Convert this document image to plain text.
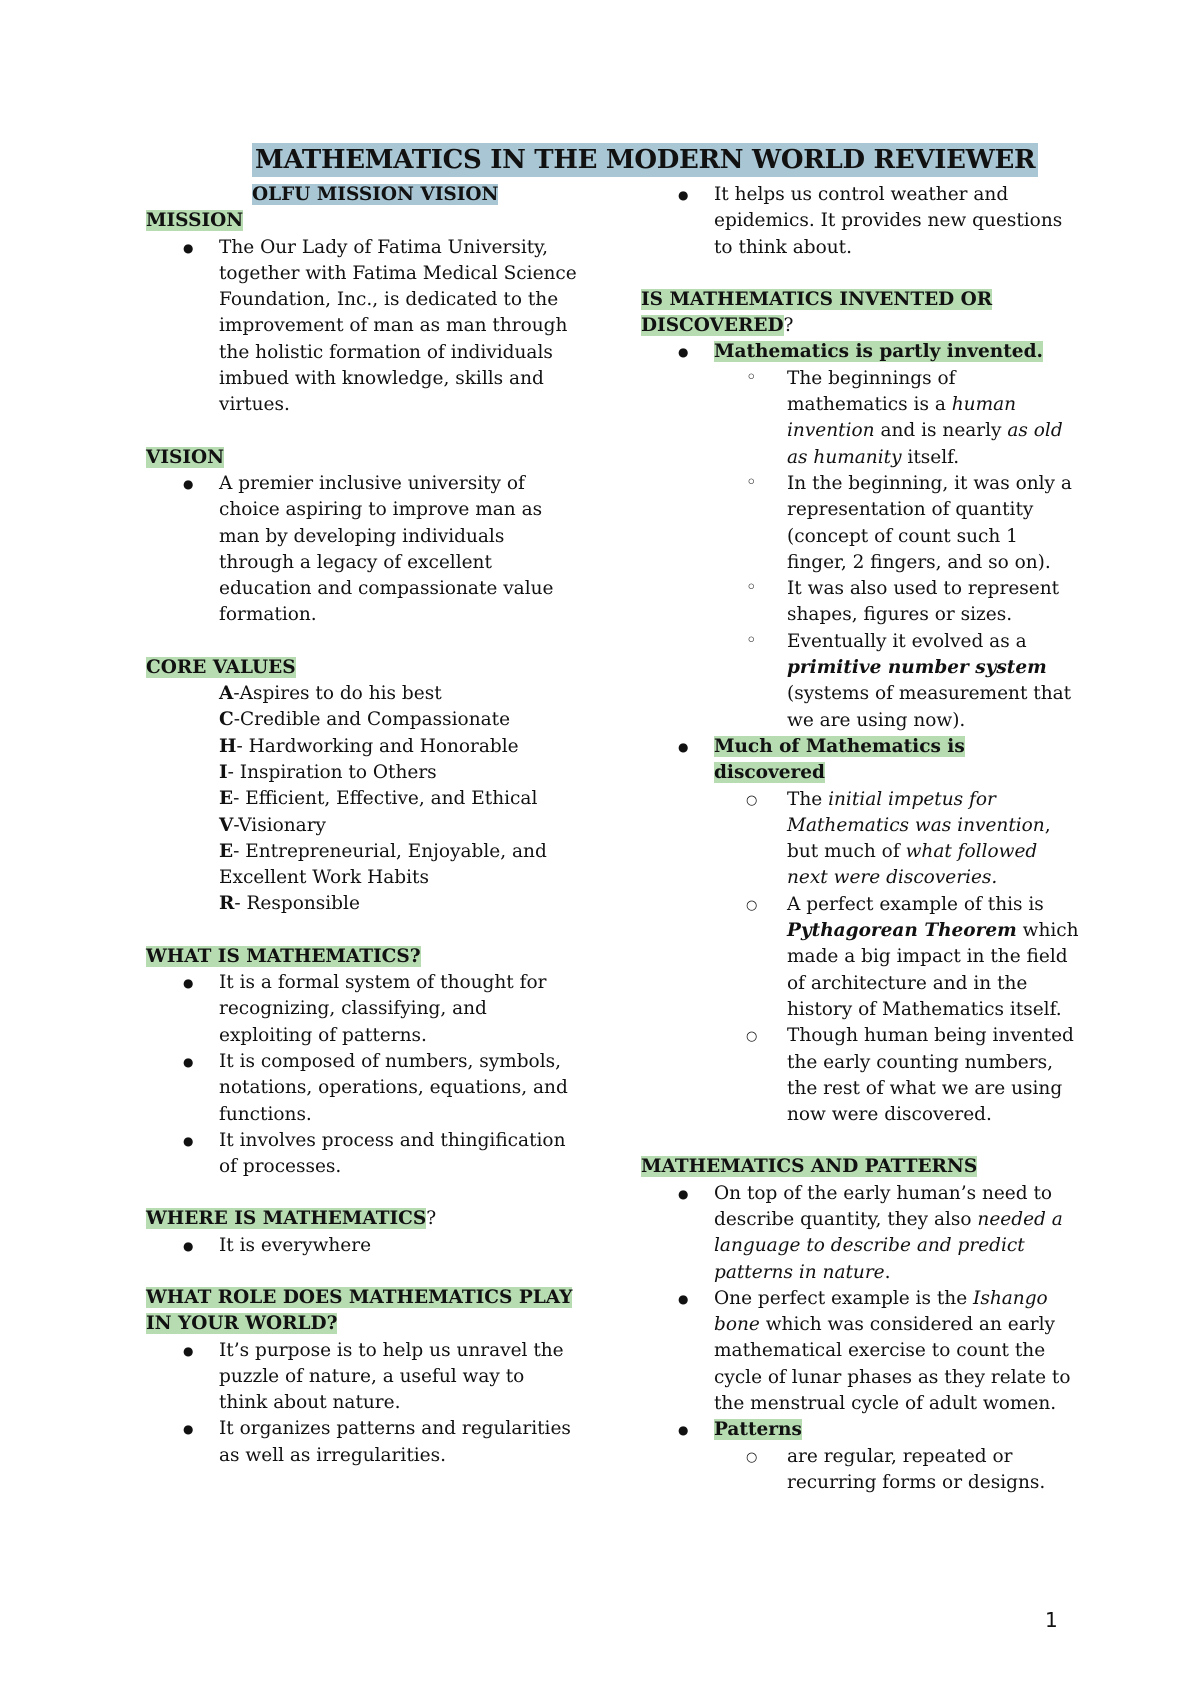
MATHEMATICS IN THE MODERN WORLD REVIEWER

OLFU MISSION VISION

MISSION

● The Our Lady of Fatima University, together with Fatima Medical Science Foundation, Inc., is dedicated to the improvement of man as man through the holistic formation of individuals imbued with knowledge, skills and virtues.

VISION

● A premier inclusive university of choice aspiring to improve man as man by developing individuals through a legacy of excellent education and compassionate value formation.

CORE VALUES

A-Aspires to do his best
C-Credible and Compassionate
H- Hardworking and Honorable
I- Inspiration to Others
E- Efficient, Effective, and Ethical
V-Visionary
E- Entrepreneurial, Enjoyable, and Excellent Work Habits
R- Responsible

WHAT IS MATHEMATICS?

● It is a formal system of thought for recognizing, classifying, and exploiting of patterns.
● It is composed of numbers, symbols, notations, operations, equations, and functions.
● It involves process and thingification of processes.

WHERE IS MATHEMATICS?

● It is everywhere

WHAT ROLE DOES MATHEMATICS PLAY IN YOUR WORLD?

● It’s purpose is to help us unravel the puzzle of nature, a useful way to think about nature.
● It organizes patterns and regularities as well as irregularities.
● It helps us control weather and epidemics. It provides new questions to think about.

IS MATHEMATICS INVENTED OR DISCOVERED?

● Mathematics is partly invented.
◦ The beginnings of mathematics is a human invention and is nearly as old as humanity itself.
◦ In the beginning, it was only a representation of quantity (concept of count such 1 finger, 2 fingers, and so on).
◦ It was also used to represent shapes, figures or sizes.
◦ Eventually it evolved as a primitive number system (systems of measurement that we are using now).
● Much of Mathematics is discovered
○ The initial impetus for Mathematics was invention, but much of what followed next were discoveries.
○ A perfect example of this is Pythagorean Theorem which made a big impact in the field of architecture and in the history of Mathematics itself.
○ Though human being invented the early counting numbers, the rest of what we are using now were discovered.

MATHEMATICS AND PATTERNS

● On top of the early human’s need to describe quantity, they also needed a language to describe and predict patterns in nature.
● One perfect example is the Ishango bone which was considered an early mathematical exercise to count the cycle of lunar phases as they relate to the menstrual cycle of adult women.
● Patterns
○ are regular, repeated or recurring forms or designs.
1
